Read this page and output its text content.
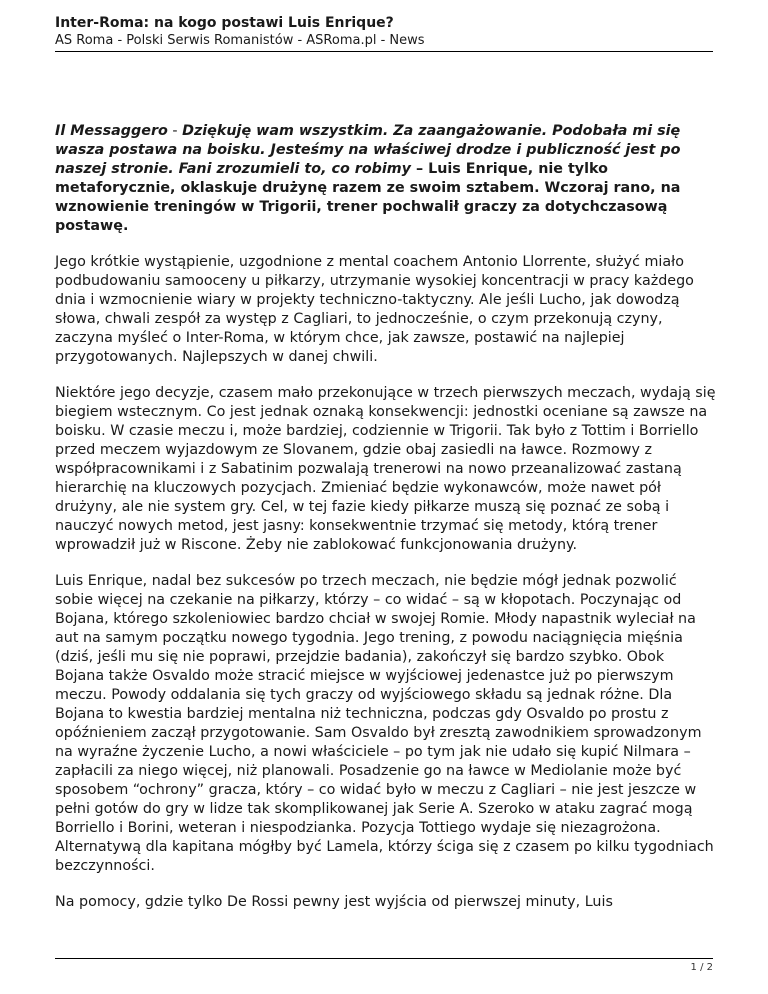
Inter-Roma: na kogo postawi Luis Enrique?
AS Roma - Polski Serwis Romanistów - ASRoma.pl - News

Il Messaggero - Dziękuję wam wszystkim. Za zaangażowanie. Podobała mi się wasza postawa na boisku. Jesteśmy na właściwej drodze i publiczność jest po naszej stronie. Fani zrozumieli to, co robimy – Luis Enrique, nie tylko metaforycznie, oklaskuje drużynę razem ze swoim sztabem. Wczoraj rano, na wznowienie treningów w Trigorii, trener pochwalił graczy za dotychczasową postawę.

Jego krótkie wystąpienie, uzgodnione z mental coachem Antonio Llorrente, służyć miało podbudowaniu samooceny u piłkarzy, utrzymanie wysokiej koncentracji w pracy każdego dnia i wzmocnienie wiary w projekty techniczno-taktyczny. Ale jeśli Lucho, jak dowodzą słowa, chwali zespół za występ z Cagliari, to jednocześnie, o czym przekonują czyny, zaczyna myśleć o Inter-Roma, w którym chce, jak zawsze, postawić na najlepiej przygotowanych. Najlepszych w danej chwili.

Niektóre jego decyzje, czasem mało przekonujące w trzech pierwszych meczach, wydają się biegiem wstecznym. Co jest jednak oznaką konsekwencji: jednostki oceniane są zawsze na boisku. W czasie meczu i, może bardziej, codziennie w Trigorii. Tak było z Tottim i Borriello przed meczem wyjazdowym ze Slovanem, gdzie obaj zasiedli na ławce. Rozmowy z współpracownikami i z Sabatinim pozwalają trenerowi na nowo przeanalizować zastaną hierarchię na kluczowych pozycjach. Zmieniać będzie wykonawców, może nawet pół drużyny, ale nie system gry. Cel, w tej fazie kiedy piłkarze muszą się poznać ze sobą i nauczyć nowych metod, jest jasny: konsekwentnie trzymać się metody, którą trener wprowadził już w Riscone. Żeby nie zablokować funkcjonowania drużyny.

Luis Enrique, nadal bez sukcesów po trzech meczach, nie będzie mógł jednak pozwolić sobie więcej na czekanie na piłkarzy, którzy – co widać – są w kłopotach. Poczynając od Bojana, którego szkoleniowiec bardzo chciał w swojej Romie. Młody napastnik wyleciał na aut na samym początku nowego tygodnia. Jego trening, z powodu naciągnięcia mięśnia (dziś, jeśli mu się nie poprawi, przejdzie badania), zakończył się bardzo szybko. Obok Bojana także Osvaldo może stracić miejsce w wyjściowej jedenastce już po pierwszym meczu. Powody oddalania się tych graczy od wyjściowego składu są jednak różne. Dla Bojana to kwestia bardziej mentalna niż techniczna, podczas gdy Osvaldo po prostu z opóźnieniem zaczął przygotowanie. Sam Osvaldo był zresztą zawodnikiem sprowadzonym na wyraźne życzenie Lucho, a nowi właściciele – po tym jak nie udało się kupić Nilmara – zapłacili za niego więcej, niż planowali. Posadzenie go na ławce w Mediolanie może być sposobem “ochrony” gracza, który – co widać było w meczu z Cagliari – nie jest jeszcze w pełni gotów do gry w lidze tak skomplikowanej jak Serie A. Szeroko w ataku zagrać mogą Borriello i Borini, weteran i niespodzianka. Pozycja Tottiego wydaje się niezagrożona. Alternatywą dla kapitana mógłby być Lamela, któr​zy ściga się z czasem po kilku tygodniach bezczynności.

Na pomocy, gdzie tylko De Rossi pewny jest wyjścia od pierwszej minuty, Luis

1 / 2
